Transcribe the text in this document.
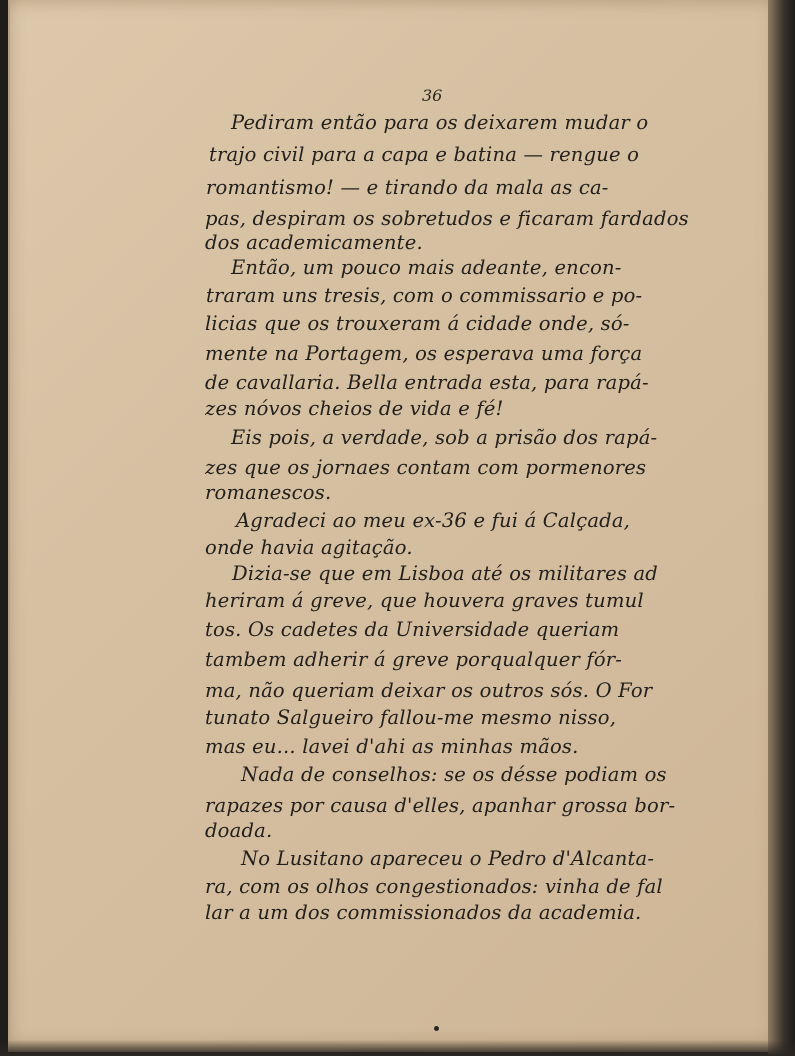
36
Pediram então para os deixarem mudar o
trajo civil para a capa e batina — rengue o
romantismo! — e tirando da mala as ca-
pas, despiram os sobretudos e ficaram fardados
dos academicamente.
Então, um pouco mais adeante, encon-
traram uns tresis, com o commissario e po-
licias que os trouxeram á cidade onde, só-
mente na Portagem, os esperava uma força
de cavallaria. Bella entrada esta, para rapá-
zes nóvos cheios de vida e fé!
Eis pois, a verdade, sob a prisão dos rapá-
zes que os jornaes contam com pormenores
romanescos.
Agradeci ao meu ex-36 e fui á Calçada,
onde havia agitação.
Dizia-se que em Lisboa até os militares ad
heriram á greve, que houvera graves tumul
tos. Os cadetes da Universidade queriam
tambem adherir á greve porqualquer fór-
ma, não queriam deixar os outros sós. O For
tunato Salgueiro fallou-me mesmo nisso,
mas eu... lavei d'ahi as minhas mãos.
Nada de conselhos: se os désse podiam os
rapazes por causa d'elles, apanhar grossa bor-
doada.
No Lusitano apareceu o Pedro d'Alcanta-
ra, com os olhos congestionados: vinha de fal
lar a um dos commissionados da academia.
